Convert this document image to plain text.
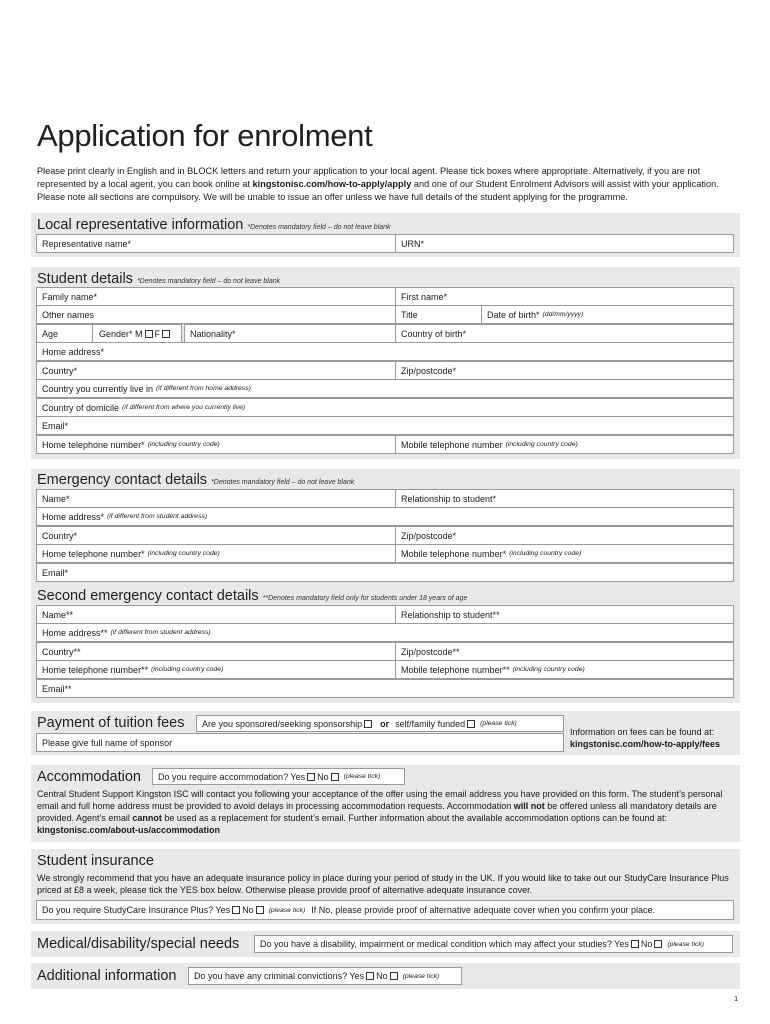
Application for enrolment
Please print clearly in English and in BLOCK letters and return your application to your local agent. Please tick boxes where appropriate. Alternatively, if you are not represented by a local agent, you can book online at kingstonisc.com/how-to-apply/apply and one of our Student Enrolment Advisors will assist with your application. Please note all sections are compulsory. We will be unable to issue an offer unless we have full details of the student applying for the programme.
Local representative information *Denotes mandatory field – do not leave blank
Representative name*	URN*
Student details *Denotes mandatory field – do not leave blank
Family name*	First name*
Other names	Title	Date of birth* (dd/mm/yyyy)
Age	Gender* M F	Nationality*	Country of birth*
Home address*
Country*	Zip/postcode*
Country you currently live in (if different from home address)
Country of domicile (if different from where you currently live)
Email*
Home telephone number* (including country code)	Mobile telephone number (including country code)
Emergency contact details *Denotes mandatory field – do not leave blank
Name*	Relationship to student*
Home address* (if different from student address)
Country*	Zip/postcode*
Home telephone number* (including country code)	Mobile telephone number* (including country code)
Email*
Second emergency contact details **Denotes mandatory field only for students under 18 years of age
Name**	Relationship to student**
Home address** (if different from student address)
Country**	Zip/postcode**
Home telephone number** (including country code)	Mobile telephone number** (including country code)
Email**
Payment of tuition fees Are you sponsored/seeking sponsorship or self/family funded (please tick)
Please give full name of sponsor
Information on fees can be found at:
kingstonisc.com/how-to-apply/fees
Accommodation Do you require accommodation? Yes No (please tick)
Central Student Support Kingston ISC will contact you following your acceptance of the offer using the email address you have provided on this form. The student’s personal email and full home address must be provided to avoid delays in processing accommodation requests. Accommodation will not be offered unless all mandatory details are provided. Agent’s email cannot be used as a replacement for student’s email. Further information about the available accommodation options can be found at: kingstonisc.com/about-us/accommodation
Student insurance
We strongly recommend that you have an adequate insurance policy in place during your period of study in the UK. If you would like to take out our StudyCare Insurance Plus priced at £8 a week, please tick the YES box below. Otherwise please provide proof of alternative adequate insurance cover.
Do you require StudyCare Insurance Plus? Yes No (please tick) If No, please provide proof of alternative adequate cover when you confirm your place.
Medical/disability/special needs Do you have a disability, impairment or medical condition which may affect your studies? Yes No (please tick)
Additional information Do you have any criminal convictions? Yes No (please tick)
1
